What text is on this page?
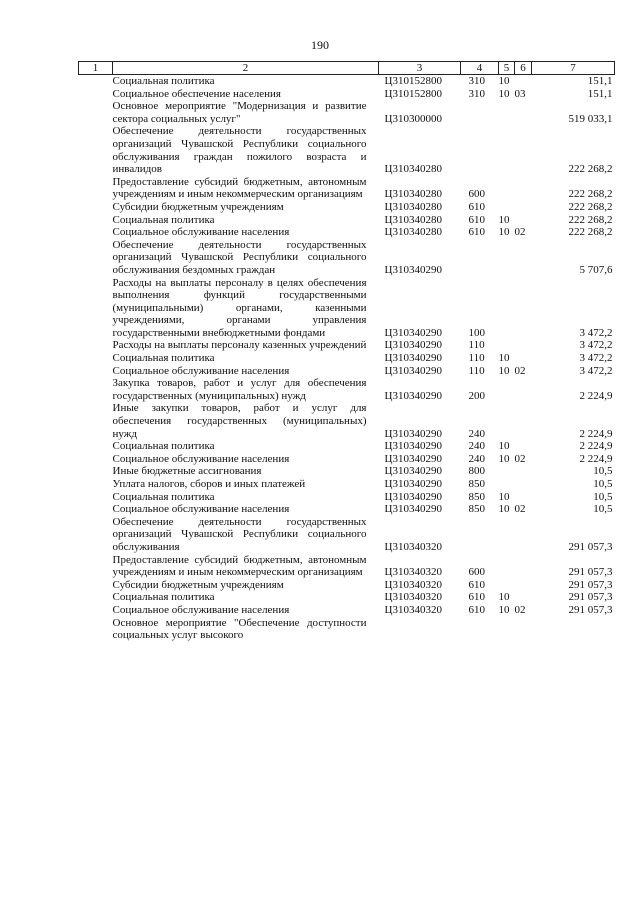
190
1	2	3	4	5	6	7

	Социальная политика	Ц310152800	310	10		151,1

	Социальное обеспечение населения	Ц310152800	310	10	03	151,1

	Основное мероприятие "Модернизация и развитие сектора социальных услуг"	Ц310300000				519 033,1

	Обеспечение деятельности государственных организаций Чувашской Республики социального обслуживания граждан пожилого возраста и инвалидов	Ц310340280				222 268,2

	Предоставление субсидий бюджетным, автономным учреждениям и иным некоммерческим организациям	Ц310340280	600			222 268,2

	Субсидии бюджетным учреждениям	Ц310340280	610			222 268,2

	Социальная политика	Ц310340280	610	10		222 268,2

	Социальное обслуживание населения	Ц310340280	610	10	02	222 268,2

	Обеспечение деятельности государственных организаций Чувашской Республики социального обслуживания бездомных граждан	Ц310340290				5 707,6

	Расходы на выплаты персоналу в целях обеспечения выполнения функций государственными (муниципальными) органами, казенными учреждениями, органами управления государственными внебюджетными фондами	Ц310340290	100			3 472,2

	Расходы на выплаты персоналу казенных учреждений	Ц310340290	110			3 472,2

	Социальная политика	Ц310340290	110	10		3 472,2

	Социальное обслуживание населения	Ц310340290	110	10	02	3 472,2

	Закупка товаров, работ и услуг для обеспечения государственных (муниципальных) нужд	Ц310340290	200			2 224,9

	Иные закупки товаров, работ и услуг для обеспечения государственных (муниципальных) нужд	Ц310340290	240			2 224,9

	Социальная политика	Ц310340290	240	10		2 224,9

	Социальное обслуживание населения	Ц310340290	240	10	02	2 224,9

	Иные бюджетные ассигнования	Ц310340290	800			10,5

	Уплата налогов, сборов и иных платежей	Ц310340290	850			10,5

	Социальная политика	Ц310340290	850	10		10,5

	Социальное обслуживание населения	Ц310340290	850	10	02	10,5

	Обеспечение деятельности государственных организаций Чувашской Республики социального обслуживания	Ц310340320				291 057,3

	Предоставление субсидий бюджетным, автономным учреждениям и иным некоммерческим организациям	Ц310340320	600			291 057,3

	Субсидии бюджетным учреждениям	Ц310340320	610			291 057,3

	Социальная политика	Ц310340320	610	10		291 057,3

	Социальное обслуживание населения	Ц310340320	610	10	02	291 057,3

	Основное мероприятие "Обеспечение доступности социальных услуг высокого					
